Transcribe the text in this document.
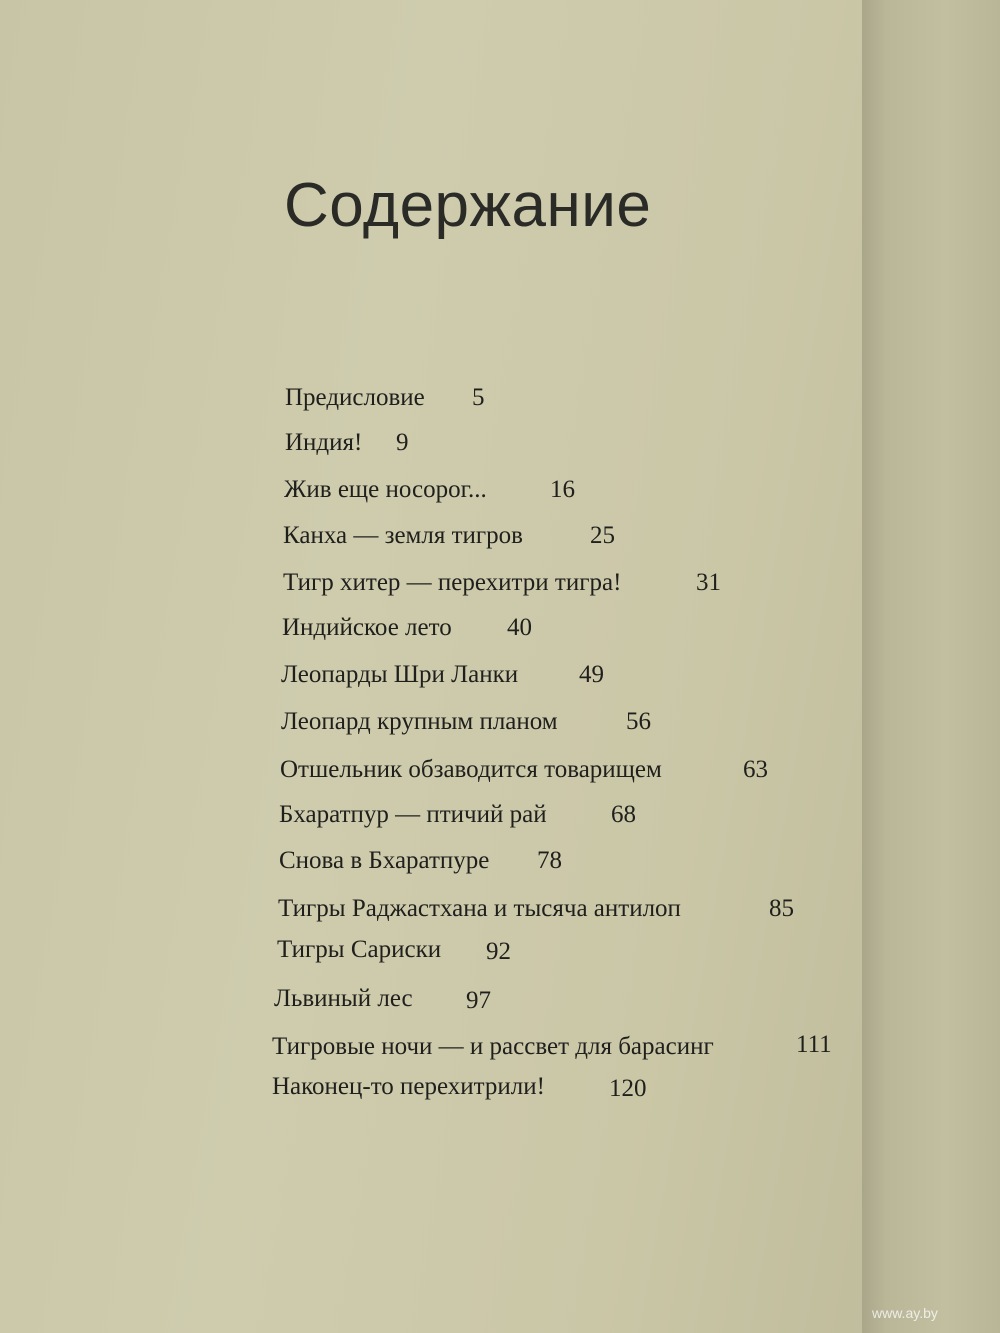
Содержание
Предисловие 5
Индия! 9
Жив еще носорог...	16
Канха — земля тигров	25
Тигр хитер — перехитри тигра!	31
Индийское лето 40
Леопарды Шри Ланки 49
Леопард крупным планом	56
Отшельник обзаводится товарищем	63
Бхаратпур — птичий рай	68
Снова в Бхаратпуре 78
Тигры Раджастхана и тысяча антилоп	85
Тигры Сариски 92
Львиный лес 97
Тигровые ночи — и рассвет для барасинг	111
Наконец-то перехитрили!	120
www.ay.by
